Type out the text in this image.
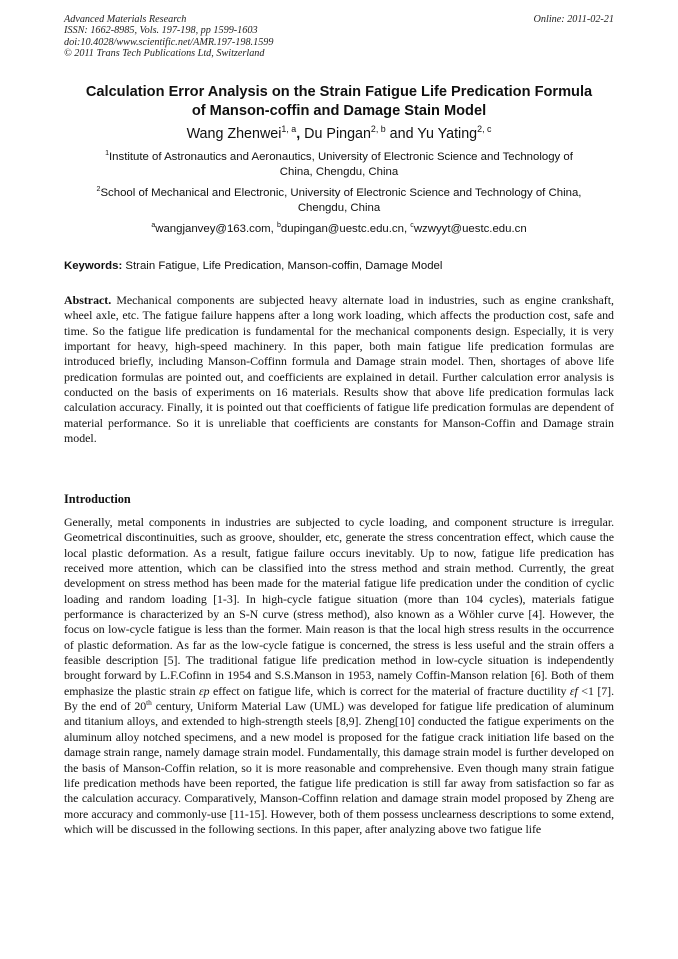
Advanced Materials Research
ISSN: 1662-8985, Vols. 197-198, pp 1599-1603
doi:10.4028/www.scientific.net/AMR.197-198.1599
© 2011 Trans Tech Publications Ltd, Switzerland
Online: 2011-02-21
Calculation Error Analysis on the Strain Fatigue Life Predication Formula
of Manson-coffin and Damage Stain Model
Wang Zhenwei$^{1, a}$, Du Pingan$^{2, b}$ and Yu Yating$^{2, c}$
$^1$Institute of Astronautics and Aeronautics, University of Electronic Science and Technology of
China, Chengdu, China
$^2$School of Mechanical and Electronic, University of Electronic Science and Technology of China,
Chengdu, China
$^a$wangjanvey@163.com, $^b$dupingan@uestc.edu.cn, $^c$wzwyyt@uestc.edu.cn
Keywords: Strain Fatigue, Life Predication, Manson-coffin, Damage Model
Abstract. Mechanical components are subjected heavy alternate load in industries, such as engine crankshaft, wheel axle, etc. The fatigue failure happens after a long work loading, which affects the production cost, safe and time. So the fatigue life predication is fundamental for the mechanical components design. Especially, it is very important for heavy, high-speed machinery. In this paper, both main fatigue life predication formulas are introduced briefly, including Manson-Coffinn formula and Damage strain model. Then, shortages of above life predication formulas are pointed out, and coefficients are explained in detail. Further calculation error analysis is conducted on the basis of experiments on 16 materials. Results show that above life predication formulas lack calculation accuracy. Finally, it is pointed out that coefficients of fatigue life predication formulas are dependent of material performance. So it is unreliable that coefficients are constants for Manson-Coffin and Damage strain model.
Introduction
Generally, metal components in industries are subjected to cycle loading, and component structure is irregular. Geometrical discontinuities, such as groove, shoulder, etc, generate the stress concentration effect, which cause the local plastic deformation. As a result, fatigue failure occurs inevitably. Up to now, fatigue life predication has received more attention, which can be classified into the stress method and strain method. Currently, the great development on stress method has been made for the material fatigue life predication under the condition of cyclic loading and random loading [1-3]. In high-cycle fatigue situation (more than 104 cycles), materials fatigue performance is characterized by an S-N curve (stress method), also known as a Wöhler curve [4]. However, the focus on low-cycle fatigue is less than the former. Main reason is that the local high stress results in the occurrence of plastic deformation. As far as the low-cycle fatigue is concerned, the stress is less useful and the strain offers a feasible description [5]. The traditional fatigue life predication method in low-cycle situation is independently brought forward by L.F.Cofinn in 1954 and S.S.Manson in 1953, namely Coffin-Manson relation [6]. Both of them emphasize the plastic strain εp effect on fatigue life, which is correct for the material of fracture ductility εf <1 [7]. By the end of 20th century, Uniform Material Law (UML) was developed for fatigue life predication of aluminum and titanium alloys, and extended to high-strength steels [8,9]. Zheng[10] conducted the fatigue experiments on the aluminum alloy notched specimens, and a new model is proposed for the fatigue crack initiation life based on the damage strain range, namely damage strain model. Fundamentally, this damage strain model is further developed on the basis of Manson-Coffin relation, so it is more reasonable and comprehensive. Even though many strain fatigue life predication methods have been reported, the fatigue life predication is still far away from satisfaction so far as the calculation accuracy. Comparatively, Manson-Coffinn relation and damage strain model proposed by Zheng are more accuracy and commonly-use [11-15]. However, both of them possess unclearness descriptions to some extend, which will be discussed in the following sections. In this paper, after analyzing above two fatigue life
